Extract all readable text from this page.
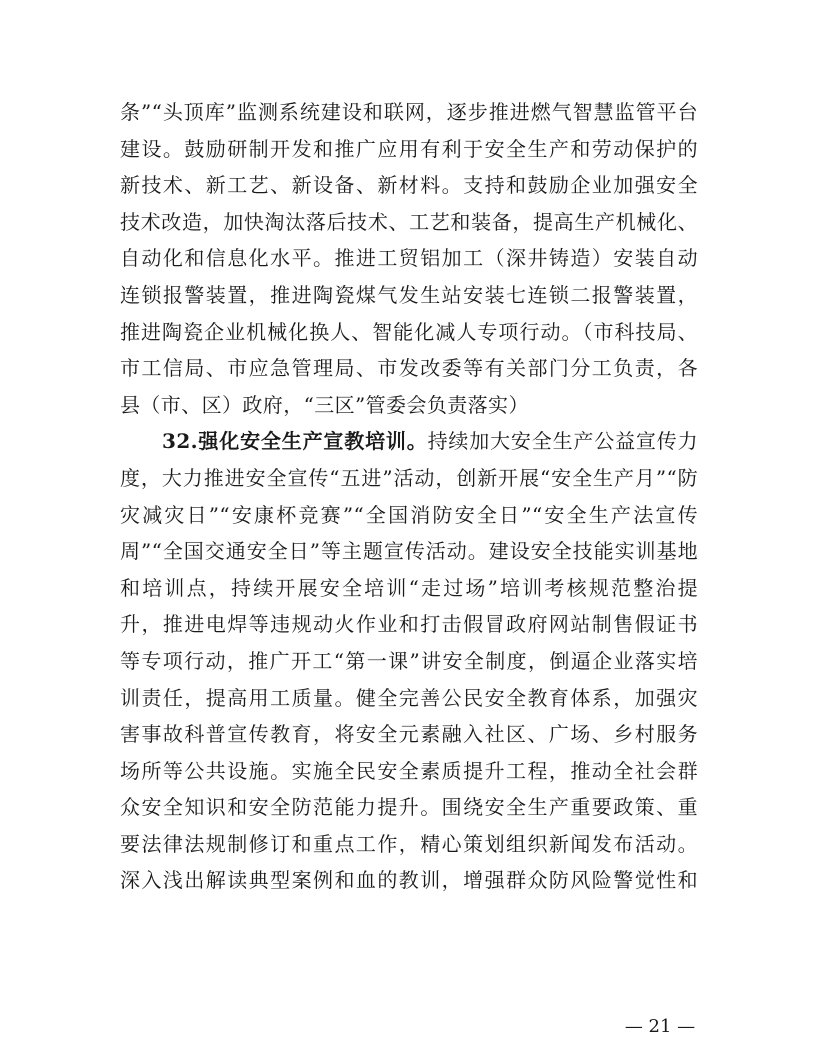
条”“头顶库”监测系统建设和联网，逐步推进燃气智慧监管平台
建设。鼓励研制开发和推广应用有利于安全生产和劳动保护的
新技术、新工艺、新设备、新材料。支持和鼓励企业加强安全
技术改造，加快淘汰落后技术、工艺和装备，提高生产机械化、
自动化和信息化水平。推进工贸铝加工（深井铸造）安装自动
连锁报警装置，推进陶瓷煤气发生站安装七连锁二报警装置，
推进陶瓷企业机械化换人、智能化减人专项行动。（市科技局、
市工信局、市应急管理局、市发改委等有关部门分工负责，各
县（市、区）政府，“三区”管委会负责落实）
32.强化安全生产宣教培训。持续加大安全生产公益宣传力
度，大力推进安全宣传“五进”活动，创新开展“安全生产月”“防
灾减灾日”“安康杯竞赛”“全国消防安全日”“安全生产法宣传
周”“全国交通安全日”等主题宣传活动。建设安全技能实训基地
和培训点，持续开展安全培训“走过场”培训考核规范整治提
升，推进电焊等违规动火作业和打击假冒政府网站制售假证书
等专项行动，推广开工“第一课”讲安全制度，倒逼企业落实培
训责任，提高用工质量。健全完善公民安全教育体系，加强灾
害事故科普宣传教育，将安全元素融入社区、广场、乡村服务
场所等公共设施。实施全民安全素质提升工程，推动全社会群
众安全知识和安全防范能力提升。围绕安全生产重要政策、重
要法律法规制修订和重点工作，精心策划组织新闻发布活动。
深入浅出解读典型案例和血的教训，增强群众防风险警觉性和
— 21 —
